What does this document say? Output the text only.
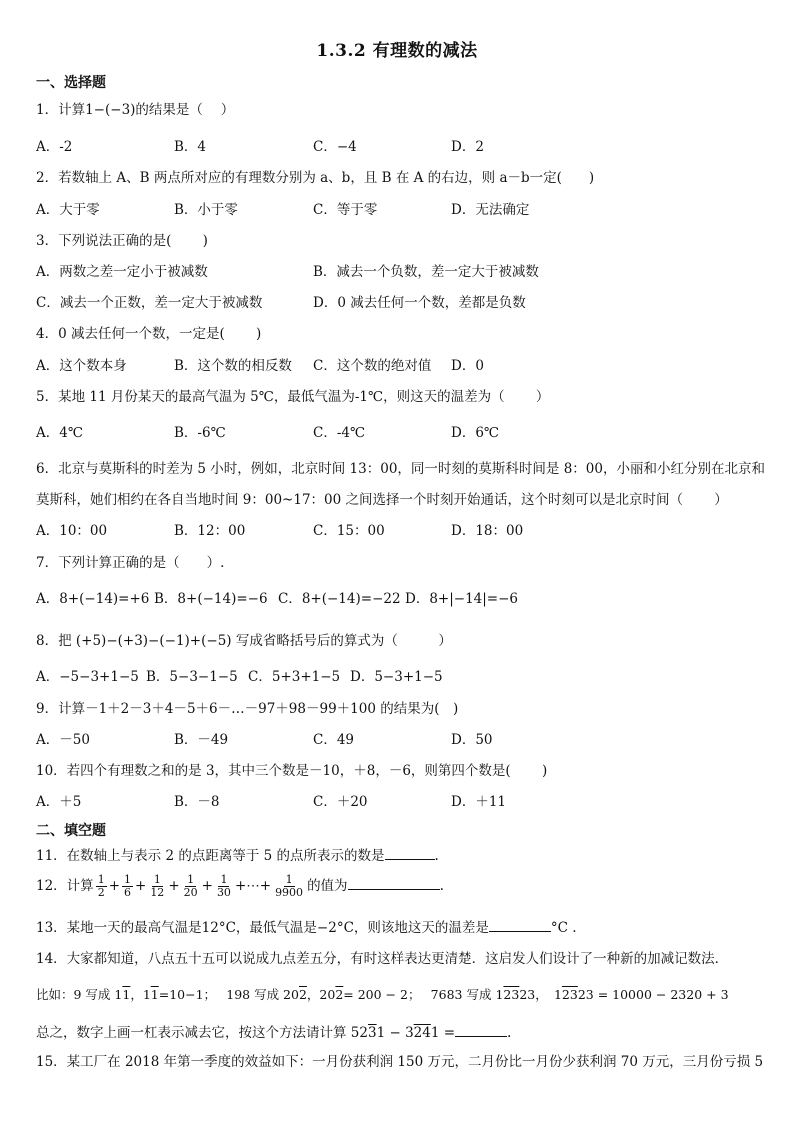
1.3.2 有理数的减法
一、选择题
1．计算1−(−3)的结果是（　 ）
A．-2	B．4	C．−4	D．2
2．若数轴上 A、B 两点所对应的有理数分别为 a、b，且 B 在 A 的右边，则 a－b一定(　　)
A．大于零	B．小于零	C．等于零	D．无法确定
3．下列说法正确的是(　　 )
A．两数之差一定小于被减数	B．减去一个负数，差一定大于被减数
C．减去一个正数，差一定大于被减数	D．0 减去任何一个数，差都是负数
4．0 减去任何一个数，一定是(　　 )
A．这个数本身	B．这个数的相反数 C．这个数的绝对值 D．0
5．某地 11 月份某天的最高气温为 5℃，最低气温为-1℃，则这天的温差为（　　 ）
A．4℃	B．-6℃	C．-4℃	D．6℃
6．北京与莫斯科的时差为 5 小时，例如，北京时间 13：00，同一时刻的莫斯科时间是 8：00，小丽和小红分别在北京和
莫斯科，她们相约在各自当地时间 9：00~17：00 之间选择一个时刻开始通话，这个时刻可以是北京时间（　　 ）
A．10：00	B．12：00	C．15：00	D．18：00
7．下列计算正确的是（　　）.
A．8+(−14)=+6 B．8+(−14)=−6 C．8+(−14)=−22 D．8+|−14|=−6
8．把 (+5)−(+3)−(−1)+(−5) 写成省略括号后的算式为（　　　）
A．−5−3+1−5 B．5−3−1−5 C．5+3+1−5 D．5−3+1−5
9．计算－1＋2－3＋4－5＋6－…－97＋98－99＋100 的结果为(　)
A．－50	B．－49	C．49	D．50
10．若四个有理数之和的是 3，其中三个数是－10，＋8，－6，则第四个数是(　　 )
A．＋5	B．－8	C．＋20	D．＋11
二、填空题
11．在数轴上与表示 2 的点距离等于 5 的点所表示的数是	.
12．计算 $\frac{1}{2} + \frac{1}{6} + \frac{1}{12} + \frac{1}{20} + \frac{1}{30}$ +⋯+ $\frac{1}{9900}$ 的值为	.
13．某地一天的最高气温是12°C，最低气温是−2°C，则该地这天的温差是	°C .
14．大家都知道，八点五十五可以说成九点差五分，有时这样表达更清楚．这启发人们设计了一种新的加减记数法．
比如：9 写成 11，11=10−1；　 198 写成 202，202= 200 − 2；　 7683 写成 12323，　12323 = 10000 − 2320 + 3
总之，数字上画一杠表示减去它，按这个方法请计算 5231 − 3241 =	.
15．某工厂在 2018 年第一季度的效益如下：一月份获利润 150 万元，二月份比一月份少获利润 70 万元，三月份亏损 5
